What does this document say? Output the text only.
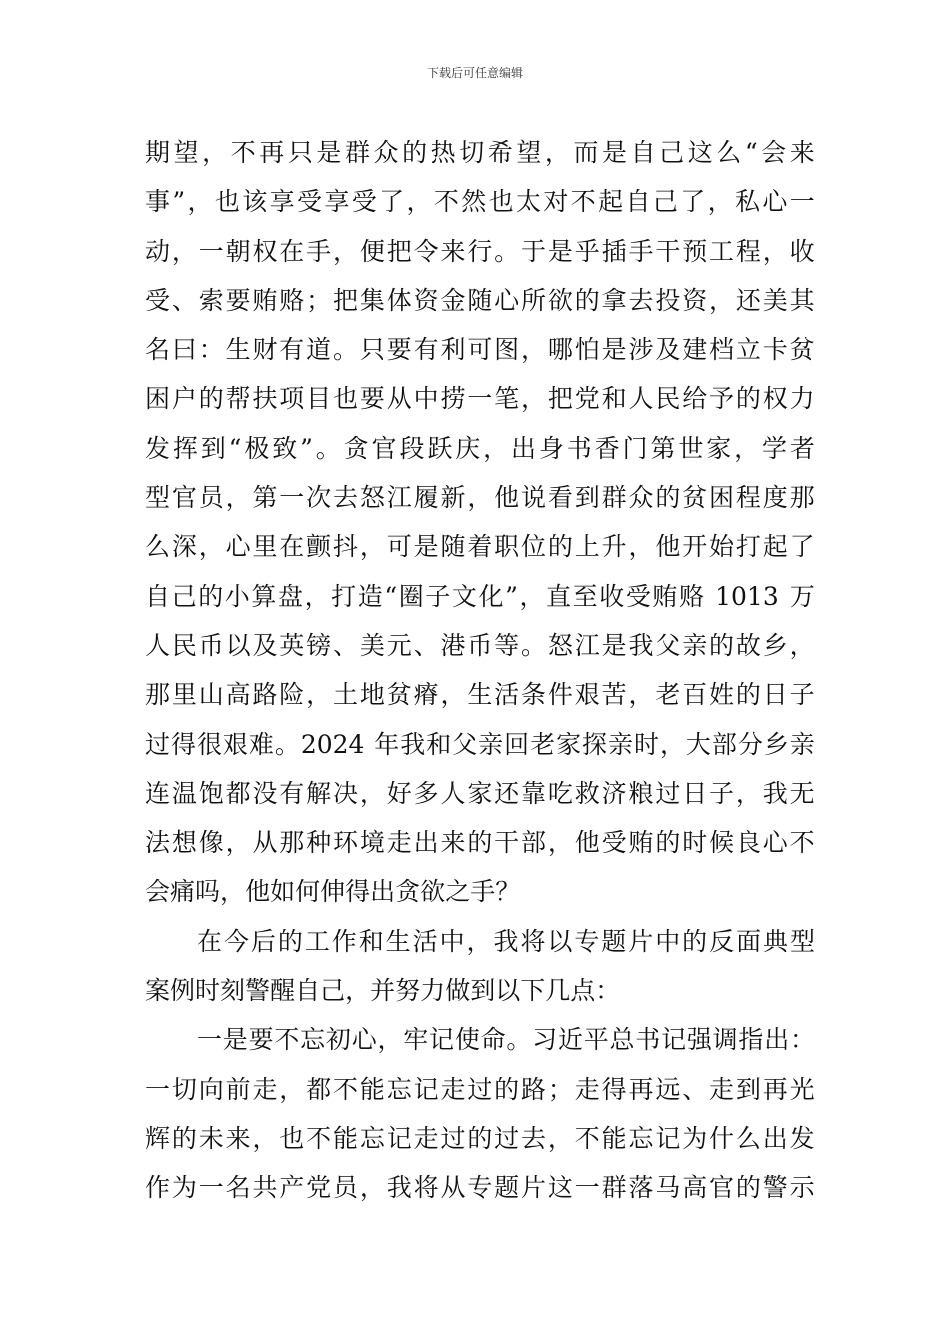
下载后可任意编辑
期 望 ， 不 再 只 是 群 众 的 热 切 希 望 ， 而 是 自 己 这 么 “ 会 来
事 ” ， 也 该 享 受 享 受 了 ， 不 然 也 太 对 不 起 自 己 了 ， 私 心 一
动 ， 一 朝 权 在 手 ， 便 把 令 来 行 。 于 是 乎 插 手 干 预 工 程 ， 收
受 、 索 要 贿 赂 ； 把 集 体 资 金 随 心 所 欲 的 拿 去 投 资 ， 还 美 其
名 曰 ： 生 财 有 道 。 只 要 有 利 可 图 ， 哪 怕 是 涉 及 建 档 立 卡 贫
困 户 的 帮 扶 项 目 也 要 从 中 捞 一 笔 ， 把 党 和 人 民 给 予 的 权 力
发 挥 到 “ 极 致 ” 。 贪 官 段 跃 庆 ， 出 身 书 香 门 第 世 家 ， 学 者
型 官 员 ， 第 一 次 去 怒 江 履 新 ， 他 说 看 到 群 众 的 贫 困 程 度 那
么 深 ， 心 里 在 颤 抖 ， 可 是 随 着 职 位 的 上 升 ， 他 开 始 打 起 了
自 己 的 小 算 盘 ， 打 造 “ 圈 子 文 化 ” ， 直 至 收 受 贿 赂
1013
万
人 民 币 以 及 英 镑 、 美 元 、 港 币 等 。 怒 江 是 我 父 亲 的 故 乡 ，
那 里 山 高 路 险 ， 土 地 贫 瘠 ， 生 活 条 件 艰 苦 ， 老 百 姓 的 日 子
过 得 很 艰 难 。 2024
年 我 和 父 亲 回 老 家 探 亲 时 ， 大 部 分 乡 亲
连 温 饱 都 没 有 解 决 ， 好 多 人 家 还 靠 吃 救 济 粮 过 日 子 ， 我 无
法 想 像 ， 从 那 种 环 境 走 出 来 的 干 部 ， 他 受 贿 的 时 候 良 心 不
会 痛 吗 ， 他 如 何 伸 得 出 贪 欲 之 手 ？
在 今 后 的 工 作 和 生 活 中 ， 我 将 以 专 题 片 中 的 反 面 典 型
案 例 时 刻 警 醒 自 己 ， 并 努 力 做 到 以 下 几 点 ：
一 是 要 不 忘 初 心 ， 牢 记 使 命 。 习 近 平 总 书 记 强 调 指 出 ：
一 切 向 前 走 ， 都 不 能 忘 记 走 过 的 路 ； 走 得 再 远 、 走 到 再 光
辉 的 未 来 ， 也 不 能 忘 记 走 过 的 过 去 ， 不 能 忘 记 为 什 么 出 发
作 为 一 名 共 产 党 员 ， 我 将 从 专 题 片 这 一 群 落 马 高 官 的 警 示
